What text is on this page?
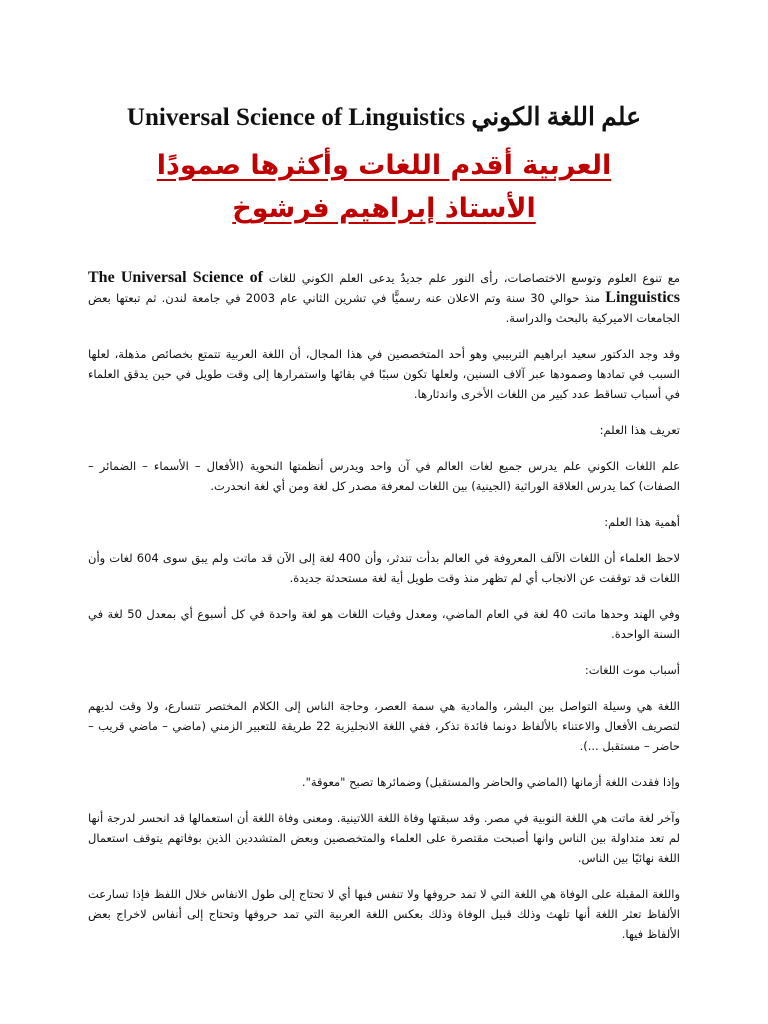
علم اللغة الكوني Universal Science of Linguistics
العربية أقدم اللغات وأكثرها صمودًا
الأستاذ إبراهيم فرشوخ

مع تنوع العلوم وتوسع الاختصاصات، رأى النور علم جديدٌ يدعى العلم الكوني للغات The Universal Science of Linguistics منذ حوالي 30 سنة وتم الاعلان عنه رسميًّا في تشرين الثاني عام 2003 في جامعة لندن. ثم تبعتها بعض الجامعات الاميركية بالبحث والدراسة.

وقد وجد الدكتور سعيد ابراهيم التربيبي وهو أحد المتخصصين في هذا المجال، أن اللغة العربية تتمتع بخصائص مذهلة، لعلها السبب في تمادها وصمودها عبر آلاف السنين، ولعلها تكون سببًا في بقائها واستمرارها إلى وقت طويل في حين يدقق العلماء في أسباب تساقط عدد كبير من اللغات الأخرى واندثارها.

تعريف هذا العلم:

علم اللغات الكوني علم يدرس جميع لغات العالم في آن واحد ويدرس أنظمتها النحوية (الأفعال – الأسماء – الضمائر – الصفات) كما يدرس العلاقة الوراثية (الجينية) بين اللغات لمعرفة مصدر كل لغة ومن أي لغة انحدرت.

أهمية هذا العلم:

لاحظ العلماء أن اللغات الآلف المعروفة في العالم بدأت تندثر، وأن 400 لغة إلى الآن قد ماتت ولم يبق سوى 604 لغات وأن اللغات قد توقفت عن الانجاب أي لم تظهر منذ وقت طويل أية لغة مستحدثة جديدة.

وفي الهند وحدها ماتت 40 لغة في العام الماضي، ومعدل وفيات اللغات هو لغة واحدة في كل أسبوع أي بمعدل 50 لغة في السنة الواحدة.

أسباب موت اللغات:

اللغة هي وسيلة التواصل بين البشر، والمادية هي سمة العصر، وحاجة الناس إلى الكلام المختصر تتسارع، ولا وقت لديهم لتصريف الأفعال والاعتناء بالألفاظ دونما فائدة تذكر، ففي اللغة الانجليزية 22 طريقة للتعبير الزمني (ماضي – ماضي قريب – حاضر – مستقبل ...).

وإذا فقدت اللغة أزمانها (الماضي والحاضر والمستقبل) وضمائرها تصبح "معوقة".

وآخر لغة ماتت هي اللغة النوبية في مصر. وقد سبقتها وفاة اللغة اللاتينية. ومعنى وفاة اللغة أن استعمالها قد انحسر لدرجة أنها لم تعد متداولة بين الناس وانها أصبحت مقتصرة على العلماء والمتخصصين وبعض المتشددين الذين بوفاتهم يتوقف استعمال اللغة نهائيًا بين الناس.

واللغة المقبلة على الوفاة هي اللغة التي لا تمد حروفها ولا تنفس فيها أي لا تحتاج إلى طول الانفاس خلال اللفظ فإذا تسارعت الألفاظ تعثر اللغة أنها تلهث وذلك قبيل الوفاة وذلك بعكس اللغة العربية التي تمد حروفها وتحتاج إلى أنفاس لاخراج بعض الألفاظ فيها.
